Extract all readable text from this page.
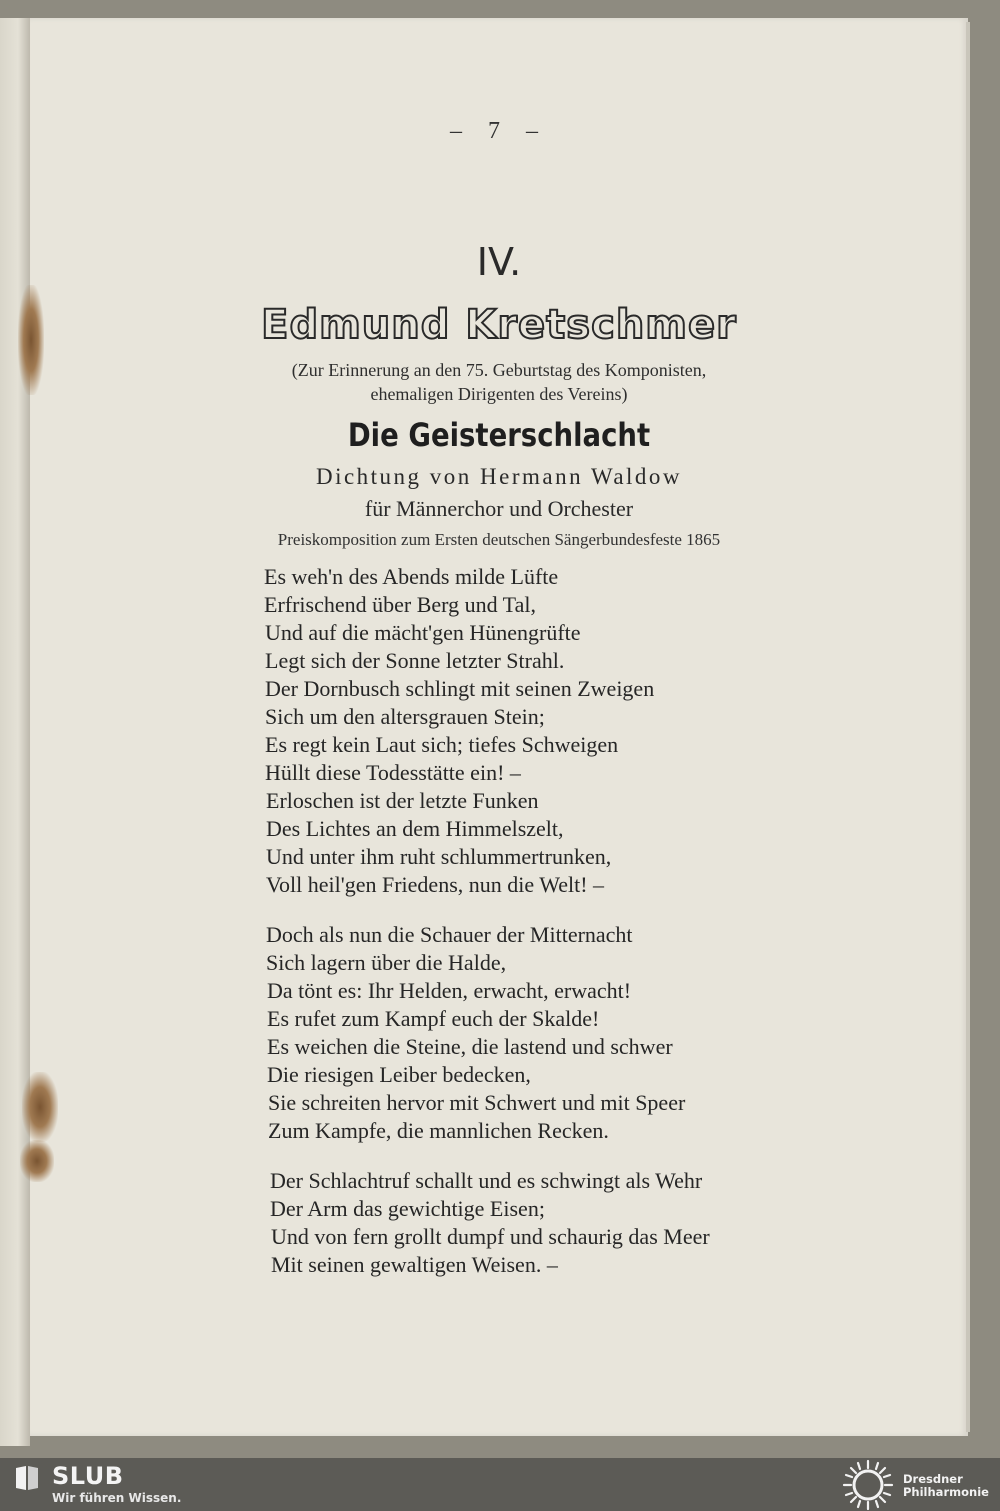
– 7 –
IV.
Edmund Kretschmer
(Zur Erinnerung an den 75. Geburtstag des Komponisten,
ehemaligen Dirigenten des Vereins)
Die Geisterschlacht
Dichtung von Hermann Waldow
für Männerchor und Orchester
Preiskomposition zum Ersten deutschen Sängerbundesfeste 1865
Es weh'n des Abends milde Lüfte
Erfrischend über Berg und Tal,
Und auf die mächt'gen Hünengrüfte
Legt sich der Sonne letzter Strahl.
Der Dornbusch schlingt mit seinen Zweigen
Sich um den altersgrauen Stein;
Es regt kein Laut sich; tiefes Schweigen
Hüllt diese Todesstätte ein! –
Erloschen ist der letzte Funken
Des Lichtes an dem Himmelszelt,
Und unter ihm ruht schlummertrunken,
Voll heil'gen Friedens, nun die Welt! –
Doch als nun die Schauer der Mitternacht
Sich lagern über die Halde,
Da tönt es: Ihr Helden, erwacht, erwacht!
Es rufet zum Kampf euch der Skalde!
Es weichen die Steine, die lastend und schwer
Die riesigen Leiber bedecken,
Sie schreiten hervor mit Schwert und mit Speer
Zum Kampfe, die mannlichen Recken.
Der Schlachtruf schallt und es schwingt als Wehr
Der Arm das gewichtige Eisen;
Und von fern grollt dumpf und schaurig das Meer
Mit seinen gewaltigen Weisen. –
SLUB
Wir führen Wissen.
Dresdner
Philharmonie
